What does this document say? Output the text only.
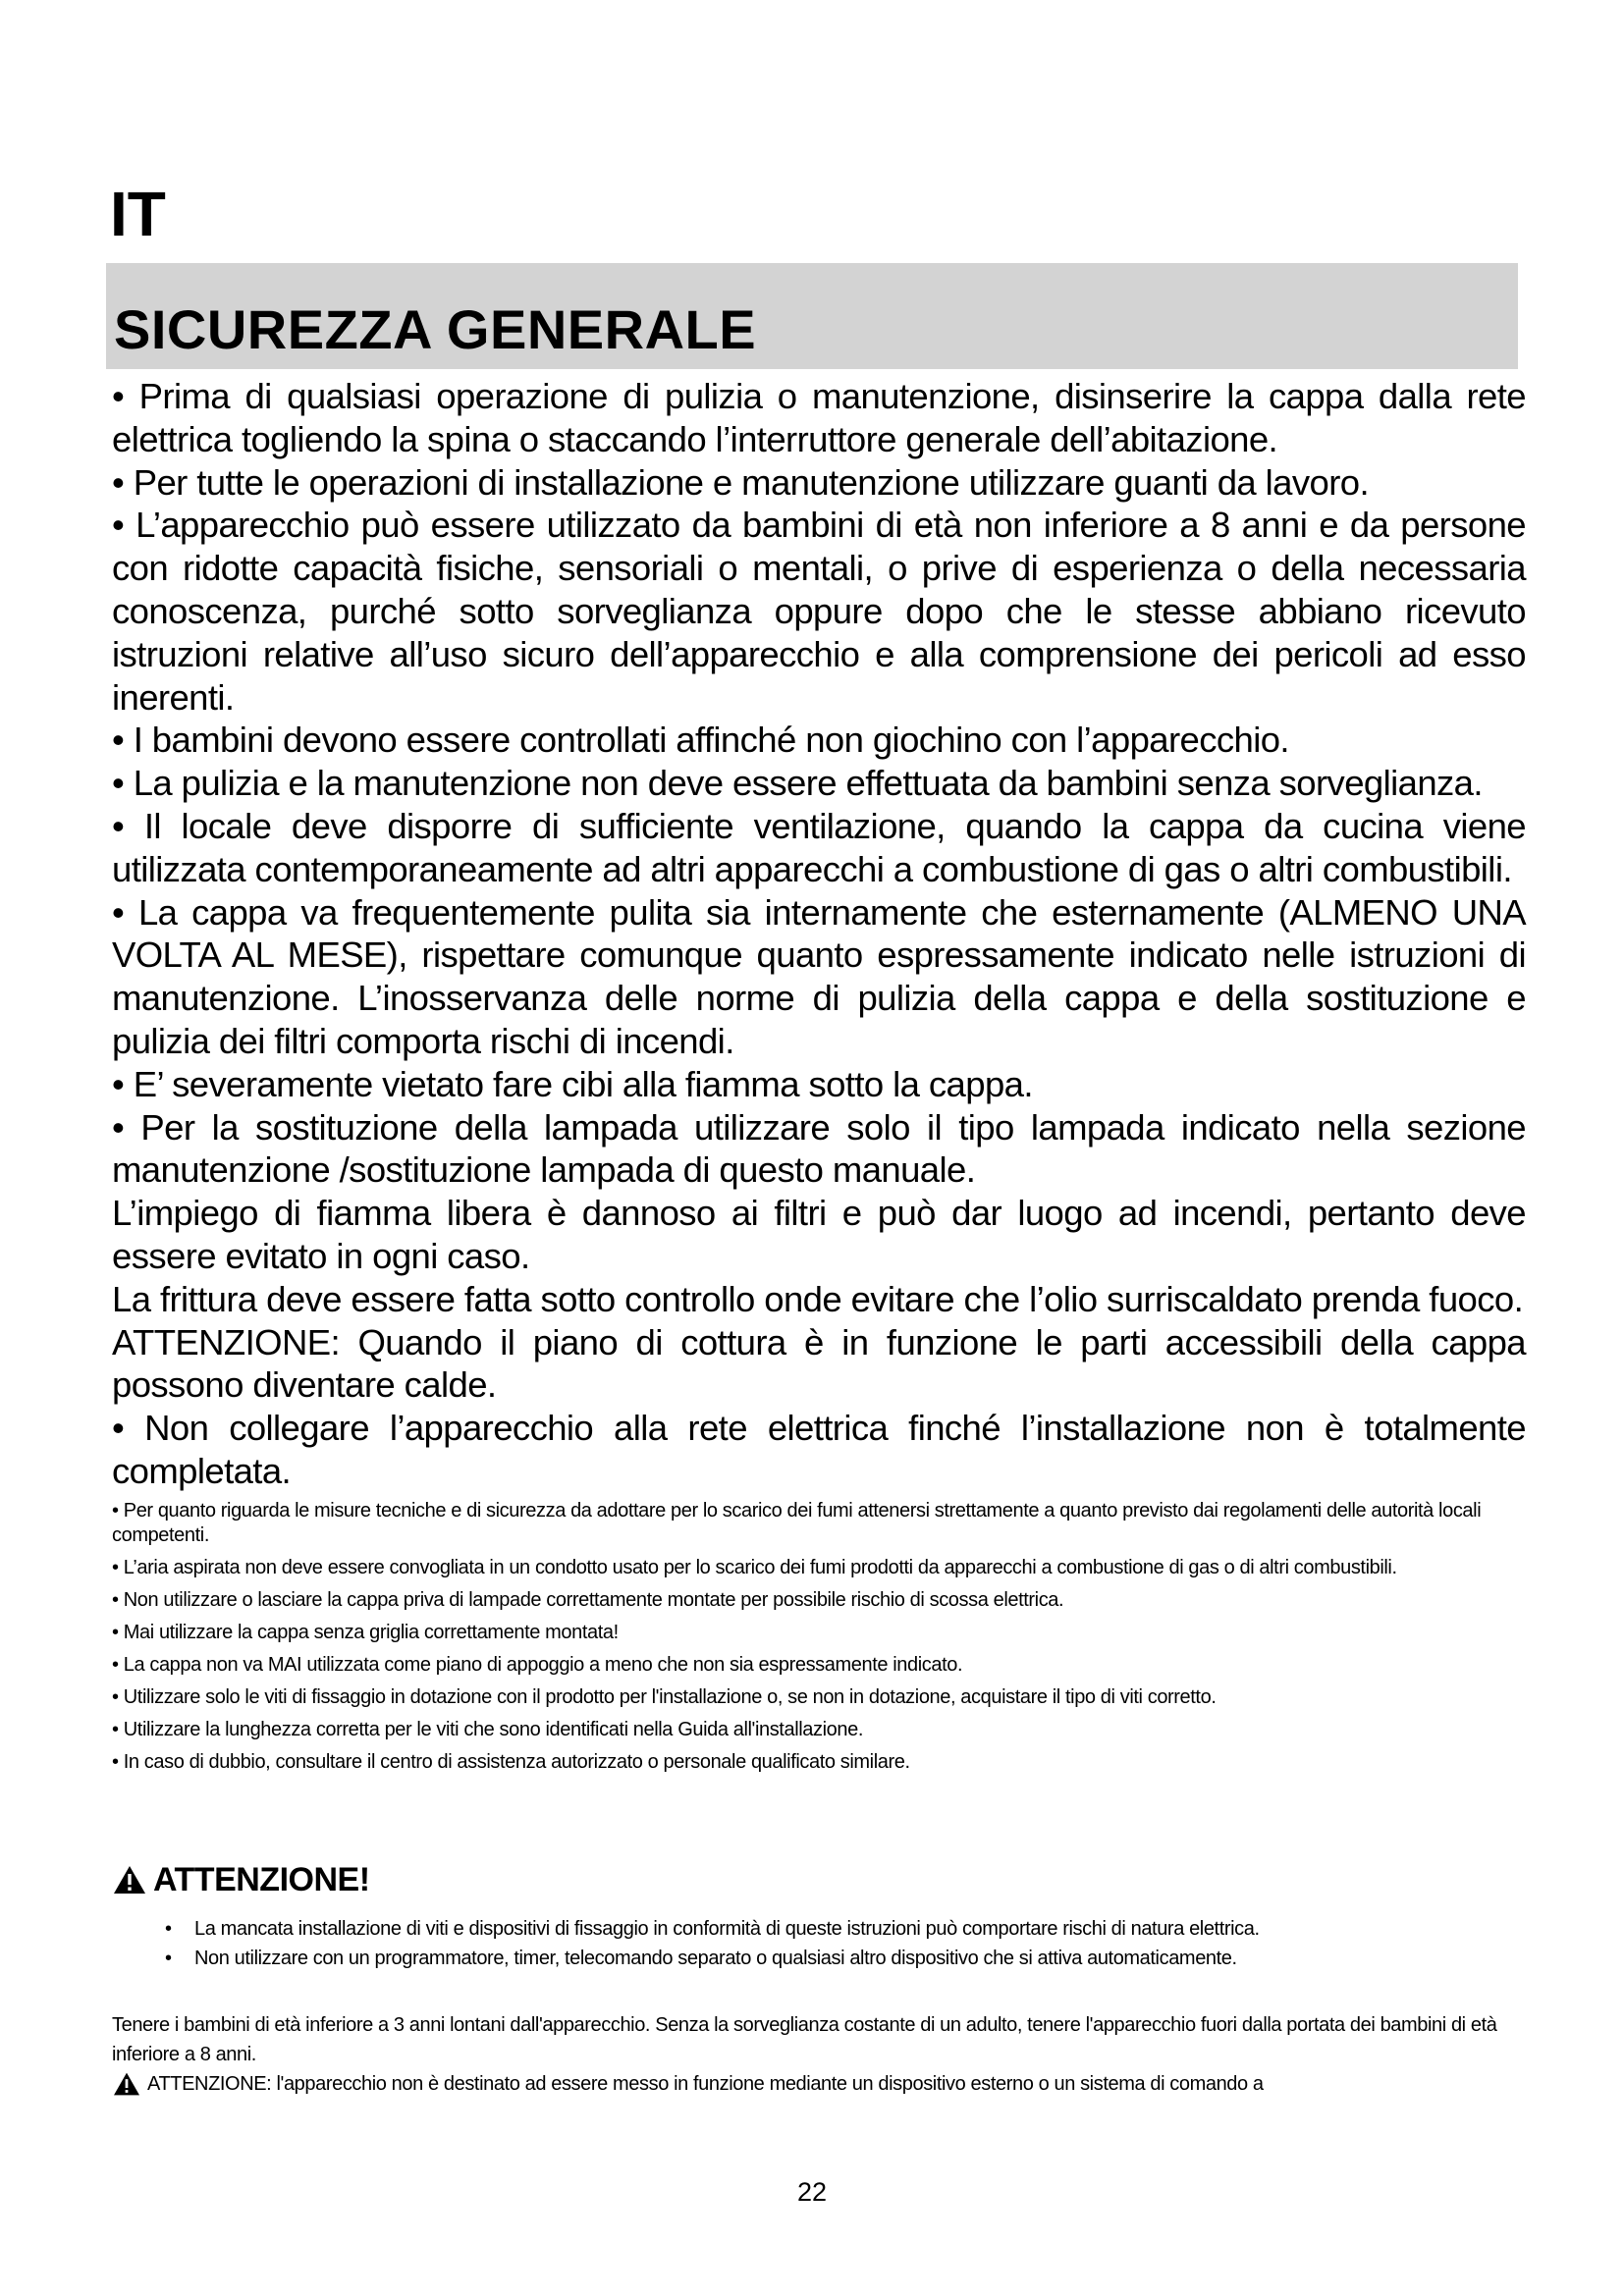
IT
SICUREZZA GENERALE

• Prima di qualsiasi operazione di pulizia o manutenzione, disinserire la cappa dalla rete elettrica togliendo la spina o staccando l’interruttore generale dell’abitazione.

• Per tutte le operazioni di installazione e manutenzione utilizzare guanti da lavoro.

• L’apparecchio può essere utilizzato da bambini di età non inferiore a 8 anni e da persone con ridotte capacità fisiche, sensoriali o mentali, o prive di esperienza o della necessaria conoscenza, purché sotto sorveglianza oppure dopo che le stesse abbiano ricevuto istruzioni relative all’uso sicuro dell’apparecchio e alla comprensione dei pericoli ad esso inerenti.

• I bambini devono essere controllati affinché non giochino con l’apparecchio.

• La pulizia e la manutenzione non deve essere effettuata da bambini senza sorveglianza.

• Il locale deve disporre di sufficiente ventilazione, quando la cappa da cucina viene utilizzata contemporaneamente ad altri apparecchi a combustione di gas o altri combustibili.

• La cappa va frequentemente pulita sia internamente che esternamente (ALMENO UNA VOLTA AL MESE), rispettare comunque quanto espressamente indicato nelle istruzioni di manutenzione. L’inosservanza delle norme di pulizia della cappa e della sostituzione e pulizia dei filtri comporta rischi di incendi.

• E’ severamente vietato fare cibi alla fiamma sotto la cappa.

• Per la sostituzione della lampada utilizzare solo il tipo lampada indicato nella sezione manutenzione /sostituzione lampada di questo manuale.

L’impiego di fiamma libera è dannoso ai filtri e può dar luogo ad incendi, pertanto deve essere evitato in ogni caso.

La frittura deve essere fatta sotto controllo onde evitare che l’olio surriscaldato prenda fuoco.

ATTENZIONE: Quando il piano di cottura è in funzione le parti accessibili della cappa possono diventare calde.

• Non collegare l’apparecchio alla rete elettrica finché l’installazione non è totalmente completata.

• Per quanto riguarda le misure tecniche e di sicurezza da adottare per lo scarico dei fumi attenersi strettamente a quanto previsto dai regolamenti delle autorità locali competenti.

• L’aria aspirata non deve essere convogliata in un condotto usato per lo scarico dei fumi prodotti da apparecchi a combustione di gas o di altri combustibili.

• Non utilizzare o lasciare la cappa priva di lampade correttamente montate per possibile rischio di scossa elettrica.

• Mai utilizzare la cappa senza griglia correttamente montata!

• La cappa non va MAI utilizzata come piano di appoggio a meno che non sia espressamente indicato.

• Utilizzare solo le viti di fissaggio in dotazione con il prodotto per l'installazione o, se non in dotazione, acquistare il tipo di viti corretto.

• Utilizzare la lunghezza corretta per le viti che sono identificati nella Guida all'installazione.

• In caso di dubbio, consultare il centro di assistenza autorizzato o personale qualificato similare.

ATTENZIONE!
•	La mancata installazione di viti e dispositivi di fissaggio in conformità di queste istruzioni può comportare rischi di natura elettrica.
•	Non utilizzare con un programmatore, timer, telecomando separato o qualsiasi altro dispositivo che si attiva automaticamente.

Tenere i bambini di età inferiore a 3 anni lontani dall'apparecchio. Senza la sorveglianza costante di un adulto, tenere l'apparecchio fuori dalla portata dei bambini di età inferiore a 8 anni.

ATTENZIONE: l'apparecchio non è destinato ad essere messo in funzione mediante un dispositivo esterno o un sistema di comando a
22
